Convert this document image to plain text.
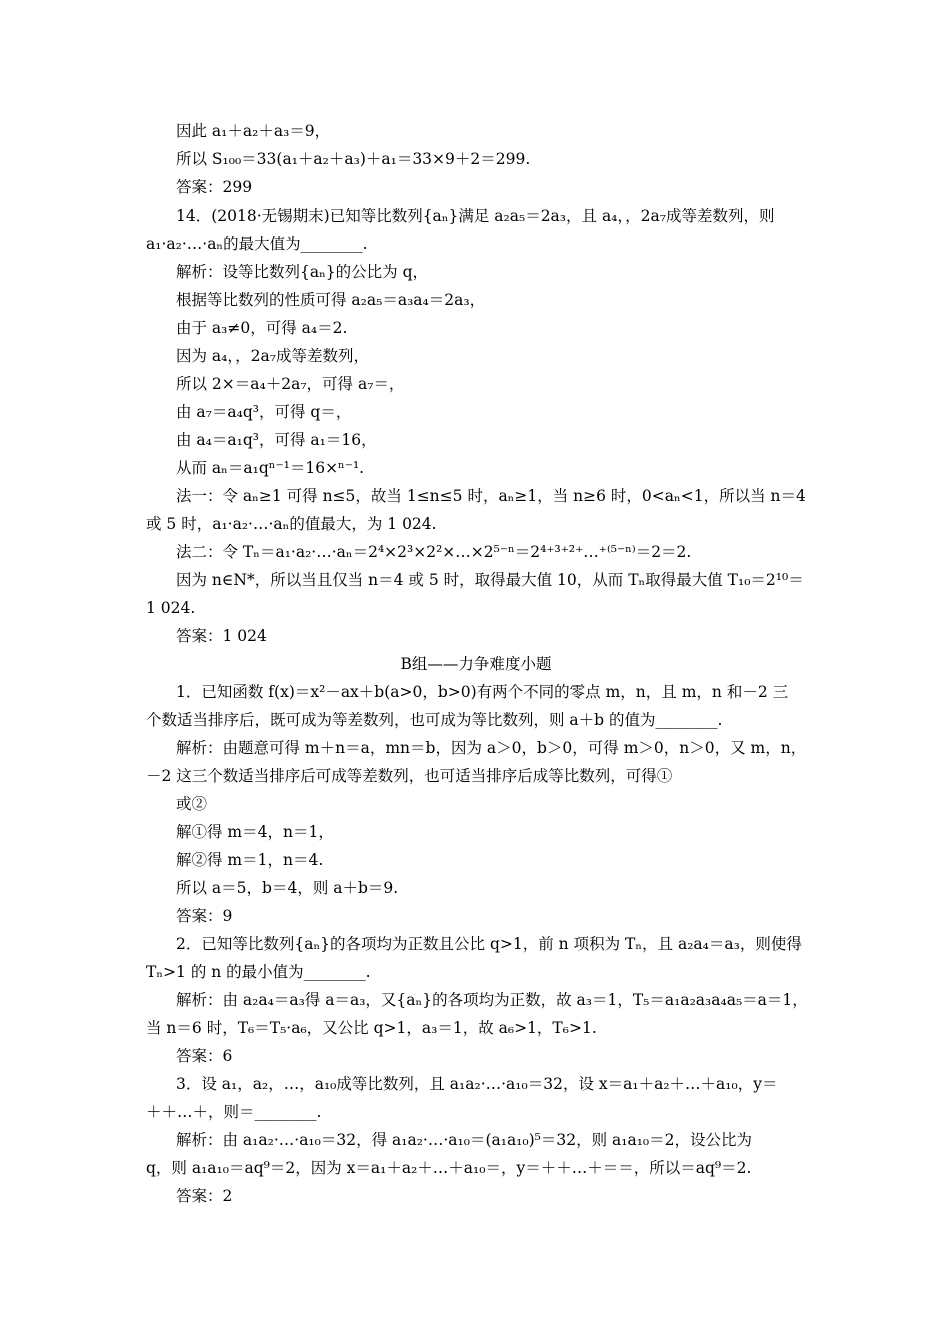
因此 a₁＋a₂＋a₃＝9，
所以 S₁₀₀＝33(a₁＋a₂＋a₃)＋a₁＝33×9＋2＝299.
答案：299
14．(2018·无锡期末)已知等比数列{aₙ}满足 a₂a₅＝2a₃，且 a₄，，2a₇成等差数列，则
a₁·a₂·…·aₙ的最大值为________.
解析：设等比数列{aₙ}的公比为 q，
根据等比数列的性质可得 a₂a₅＝a₃a₄＝2a₃，
由于 a₃≠0，可得 a₄＝2.
因为 a₄，，2a₇成等差数列，
所以 2×＝a₄＋2a₇，可得 a₇＝，
由 a₇＝a₄q³，可得 q＝，
由 a₄＝a₁q³，可得 a₁＝16，
从而 aₙ＝a₁qⁿ⁻¹＝16×ⁿ⁻¹.
法一：令 aₙ≥1 可得 n≤5，故当 1≤n≤5 时，aₙ≥1，当 n≥6 时，0<aₙ<1，所以当 n＝4
或 5 时，a₁·a₂·…·aₙ的值最大，为 1 024.
法二：令 Tₙ＝a₁·a₂·…·aₙ＝2⁴×2³×2²×…×2⁵⁻ⁿ＝2⁴⁺³⁺²⁺…⁺⁽⁵⁻ⁿ⁾＝2＝2.
因为 n∈N*，所以当且仅当 n＝4 或 5 时，取得最大值 10，从而 Tₙ取得最大值 T₁₀＝2¹⁰＝
1 024.
答案：1 024
B组——力争难度小题
1．已知函数 f(x)＝x²－ax＋b(a>0，b>0)有两个不同的零点 m，n，且 m，n 和－2 三
个数适当排序后，既可成为等差数列，也可成为等比数列，则 a＋b 的值为________.
解析：由题意可得 m＋n＝a，mn＝b，因为 a＞0，b＞0，可得 m＞0，n＞0，又 m，n，
－2 这三个数适当排序后可成等差数列，也可适当排序后成等比数列，可得①
或②
解①得 m＝4，n＝1，
解②得 m＝1，n＝4.
所以 a＝5，b＝4，则 a＋b＝9.
答案：9
2．已知等比数列{aₙ}的各项均为正数且公比 q>1，前 n 项积为 Tₙ，且 a₂a₄＝a₃，则使得
Tₙ>1 的 n 的最小值为________.
解析：由 a₂a₄＝a₃得 a＝a₃，又{aₙ}的各项均为正数，故 a₃＝1，T₅＝a₁a₂a₃a₄a₅＝a＝1，
当 n＝6 时，T₆＝T₅·a₆，又公比 q>1，a₃＝1，故 a₆>1，T₆>1.
答案：6
3．设 a₁，a₂，…，a₁₀成等比数列，且 a₁a₂·…·a₁₀＝32，设 x＝a₁＋a₂＋…＋a₁₀，y＝
＋＋…＋，则＝________.
解析：由 a₁a₂·…·a₁₀＝32，得 a₁a₂·…·a₁₀＝(a₁a₁₀)⁵＝32，则 a₁a₁₀＝2，设公比为
q，则 a₁a₁₀＝aq⁹＝2，因为 x＝a₁＋a₂＋…＋a₁₀＝，y＝＋＋…＋＝＝，所以＝aq⁹＝2.
答案：2
